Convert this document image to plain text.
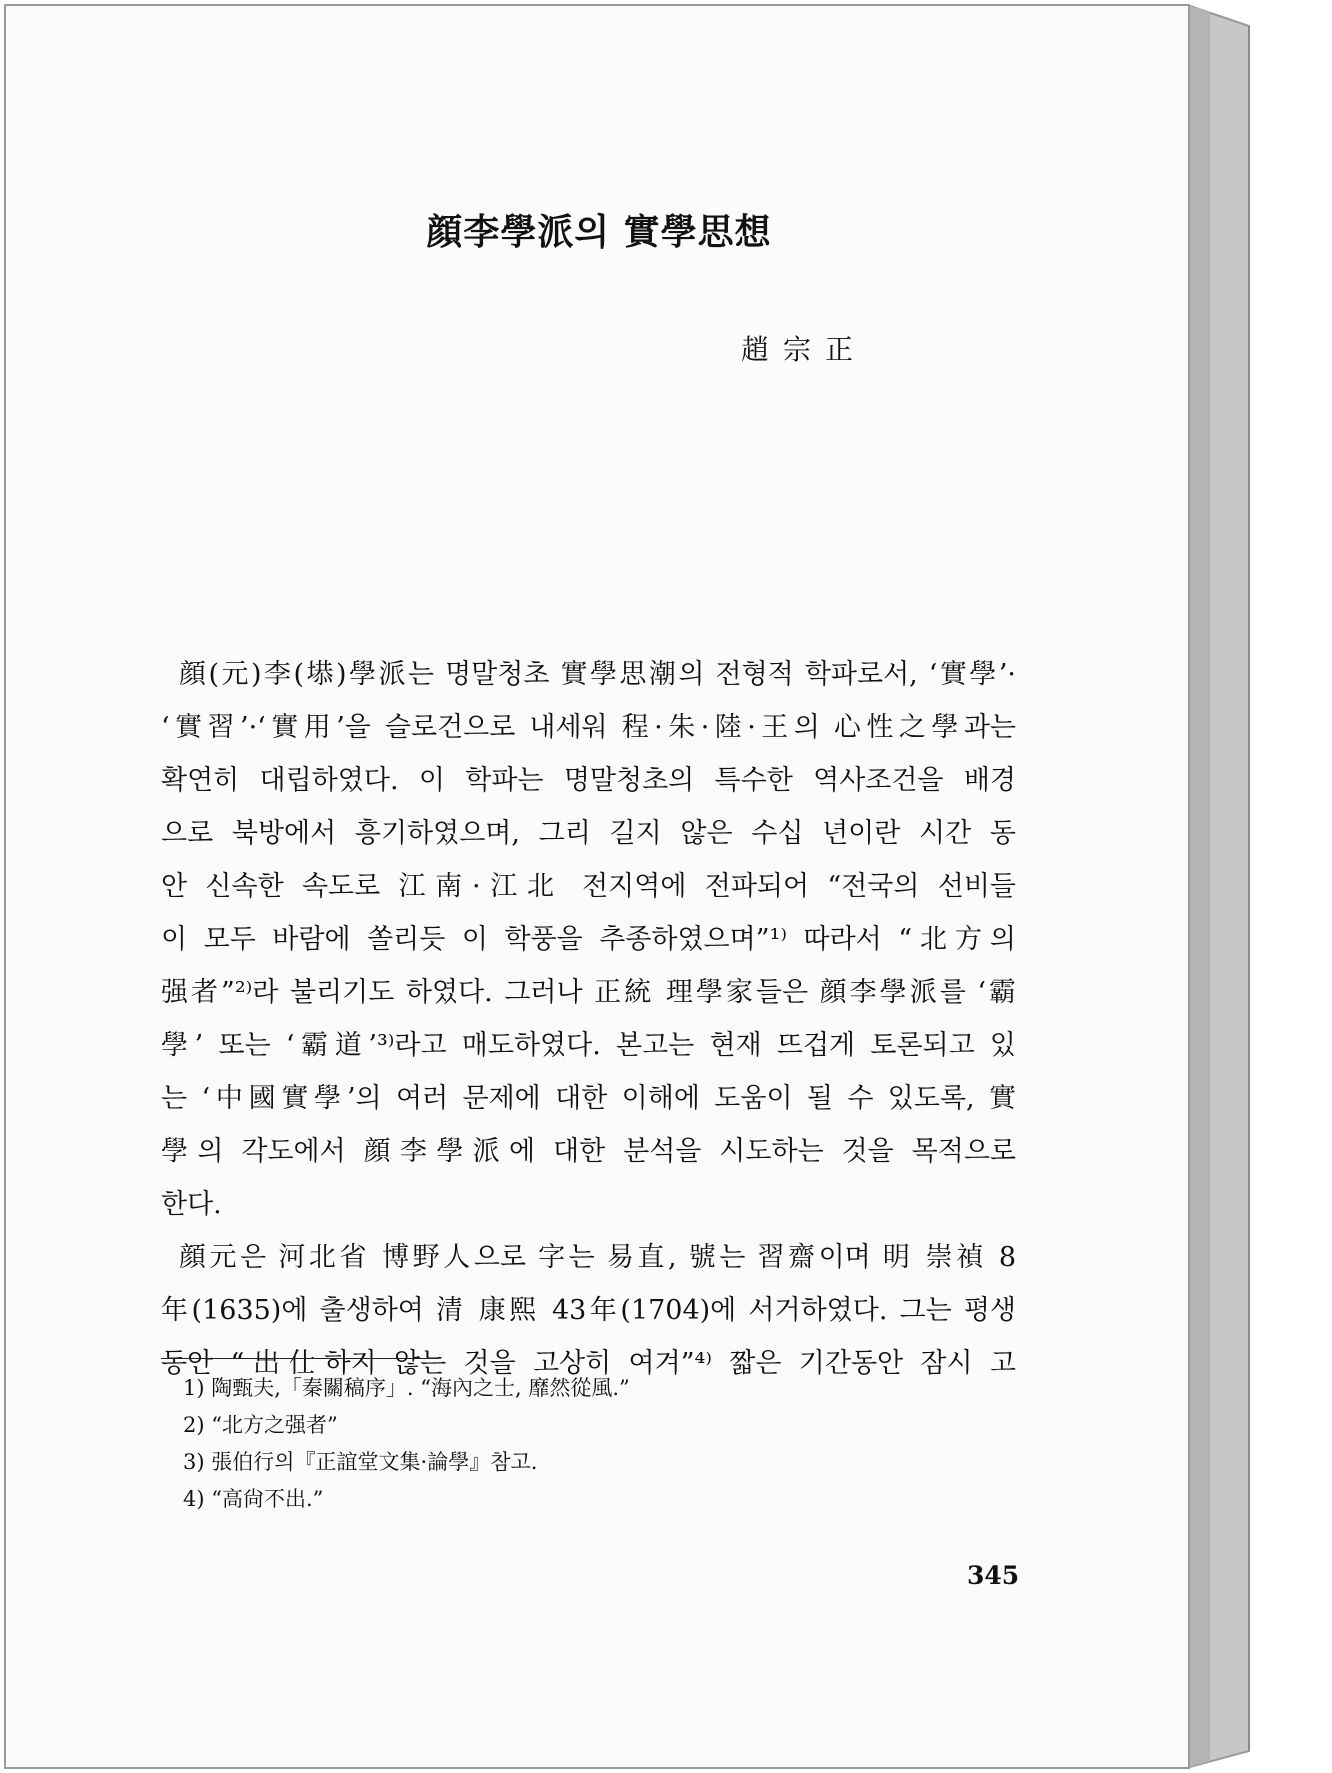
顔李學派의 實學思想
趙宗正
顔(元)李(塨)學派는 명말청초 實學思潮의 전형적 학파로서, ‘實學’·
‘實習’·‘實用’을 슬로건으로 내세워 程·朱·陸·王의 心性之學과는
확연히 대립하였다. 이 학파는 명말청초의 특수한 역사조건을 배경
으로 북방에서 흥기하였으며, 그리 길지 않은 수십 년이란 시간 동
안 신속한 속도로 江南·江北 전지역에 전파되어 “전국의 선비들
이 모두 바람에 쏠리듯 이 학풍을 추종하였으며”¹⁾ 따라서 “北方의
强者”²⁾라 불리기도 하였다. 그러나 正統 理學家들은 顔李學派를 ‘霸
學’ 또는 ‘霸道’³⁾라고 매도하였다. 본고는 현재 뜨겁게 토론되고 있
는 ‘中國實學’의 여러 문제에 대한 이해에 도움이 될 수 있도록, 實
學의 각도에서 顔李學派에 대한 분석을 시도하는 것을 목적으로
한다.
顔元은 河北省 博野人으로 字는 易直, 號는 習齋이며 明 崇禎 8
年(1635)에 출생하여 清 康熙 43年(1704)에 서거하였다. 그는 평생
동안 “出仕하지 않는 것을 고상히 여겨”⁴⁾ 짧은 기간동안 잠시 고
1) 陶甄夫,「秦關稿序」. “海內之士, 靡然從風.”
2) “北方之强者”
3) 張伯行의『正誼堂文集·論學』참고.
4) “高尙不出.”
345
